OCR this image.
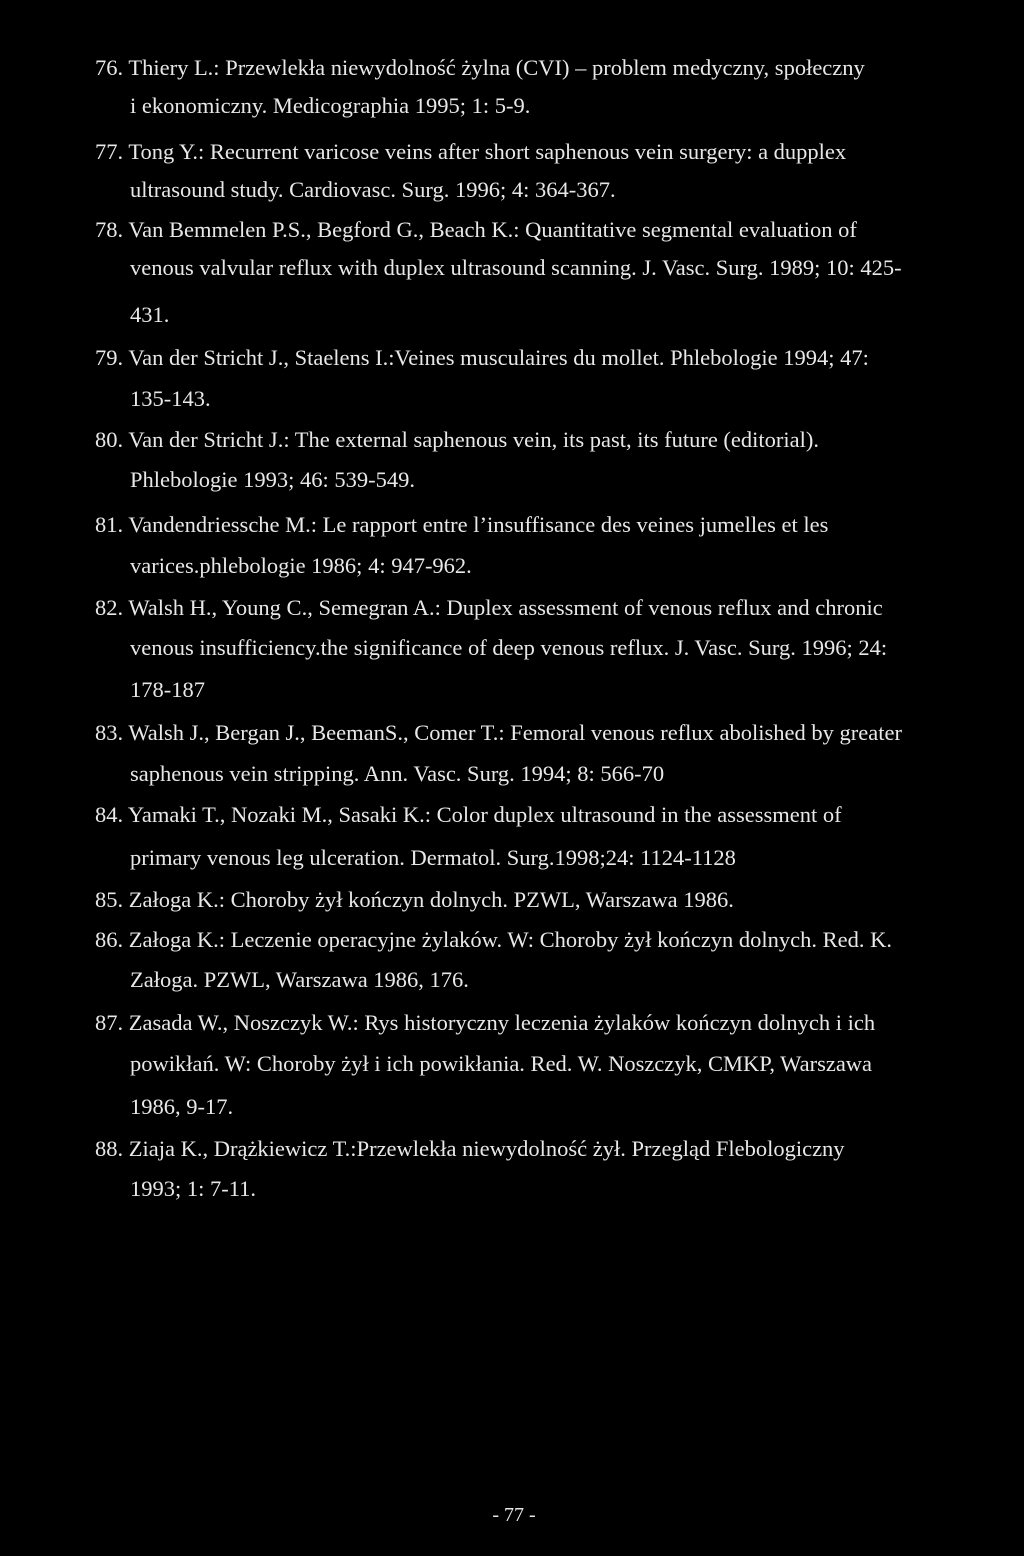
76. Thiery L.: Przewlekła niewydolność żylna (CVI) – problem medyczny, społeczny
i ekonomiczny. Medicographia 1995; 1: 5-9.
77. Tong Y.: Recurrent varicose veins after short saphenous vein surgery: a dupplex
ultrasound study. Cardiovasc. Surg. 1996; 4: 364-367.
78. Van Bemmelen P.S., Begford G., Beach K.: Quantitative segmental evaluation of
venous valvular reflux with duplex ultrasound scanning. J. Vasc. Surg. 1989; 10: 425-
431.
79. Van der Stricht J., Staelens I.:Veines musculaires du mollet. Phlebologie 1994; 47:
135-143.
80. Van der Stricht J.: The external saphenous vein, its past, its future (editorial).
Phlebologie 1993; 46: 539-549.
81. Vandendriessche M.: Le rapport entre l’insuffisance des veines jumelles et les
varices.phlebologie 1986; 4: 947-962.
82. Walsh H., Young C., Semegran A.: Duplex assessment of venous reflux and chronic
venous insufficiency.the significance of deep venous reflux. J. Vasc. Surg. 1996; 24:
178-187
83. Walsh J., Bergan J., BeemanS., Comer T.: Femoral venous reflux abolished by greater
saphenous vein stripping. Ann. Vasc. Surg. 1994; 8: 566-70
84. Yamaki T., Nozaki M., Sasaki K.: Color duplex ultrasound in the assessment of
primary venous leg ulceration. Dermatol. Surg.1998;24: 1124-1128
85. Załoga K.: Choroby żył kończyn dolnych. PZWL, Warszawa 1986.
86. Załoga K.: Leczenie operacyjne żylaków. W: Choroby żył kończyn dolnych. Red. K.
Załoga. PZWL, Warszawa 1986, 176.
87. Zasada W., Noszczyk W.: Rys historyczny leczenia żylaków kończyn dolnych i ich
powikłań. W: Choroby żył i ich powikłania. Red. W. Noszczyk, CMKP, Warszawa
1986, 9-17.
88. Ziaja K., Drążkiewicz T.:Przewlekła niewydolność żył. Przegląd Flebologiczny
1993; 1: 7-11.
- 77 -
